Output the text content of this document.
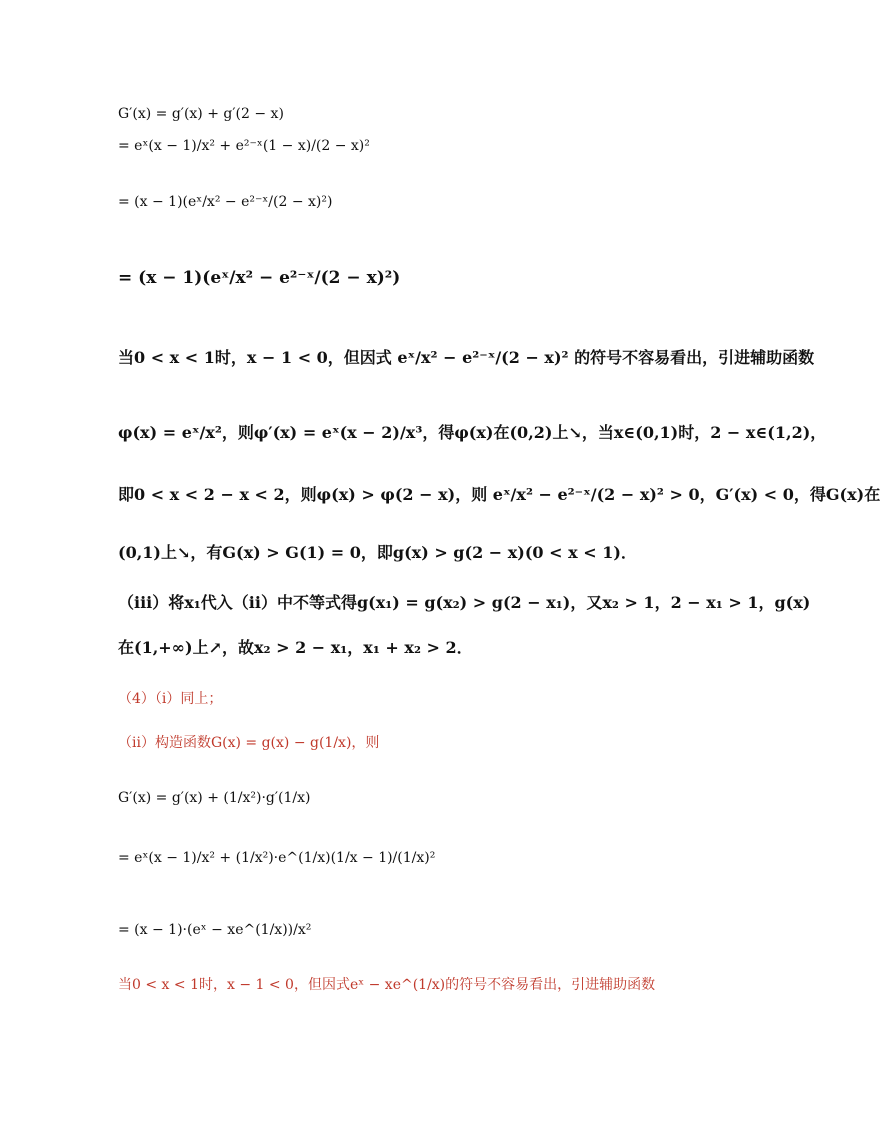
G′(x) = g′(x) + g′(2 − x)
= eˣ(x − 1)/x² + e²⁻ˣ(1 − x)/(2 − x)²
= (x − 1)(eˣ/x² − e²⁻ˣ/(2 − x)²)
= (x − 1)(eˣ/x² − e²⁻ˣ/(2 − x)²)
当0 < x < 1时，x − 1 < 0，但因式 eˣ/x² − e²⁻ˣ/(2 − x)² 的符号不容易看出，引进辅助函数
φ(x) = eˣ/x²，则φ′(x) = eˣ(x − 2)/x³，得φ(x)在(0,2)上↘，当x∈(0,1)时，2 − x∈(1,2)，
即0 < x < 2 − x < 2，则φ(x) > φ(2 − x)，则 eˣ/x² − e²⁻ˣ/(2 − x)² > 0，G′(x) < 0，得G(x)在
(0,1)上↘，有G(x) > G(1) = 0，即g(x) > g(2 − x)(0 < x < 1)．
（iii）将x₁代入（ii）中不等式得g(x₁) = g(x₂) > g(2 − x₁)，又x₂ > 1，2 − x₁ > 1，g(x)
在(1,+∞)上↗，故x₂ > 2 − x₁，x₁ + x₂ > 2．
（4）（i）同上；
（ii）构造函数G(x) = g(x) − g(1/x)，则
G′(x) = g′(x) + (1/x²)·g′(1/x)
= eˣ(x − 1)/x² + (1/x²)·e^(1/x)(1/x − 1)/(1/x)²
= (x − 1)·(eˣ − xe^(1/x))/x²
当0 < x < 1时，x − 1 < 0，但因式eˣ − xe^(1/x)的符号不容易看出，引进辅助函数
